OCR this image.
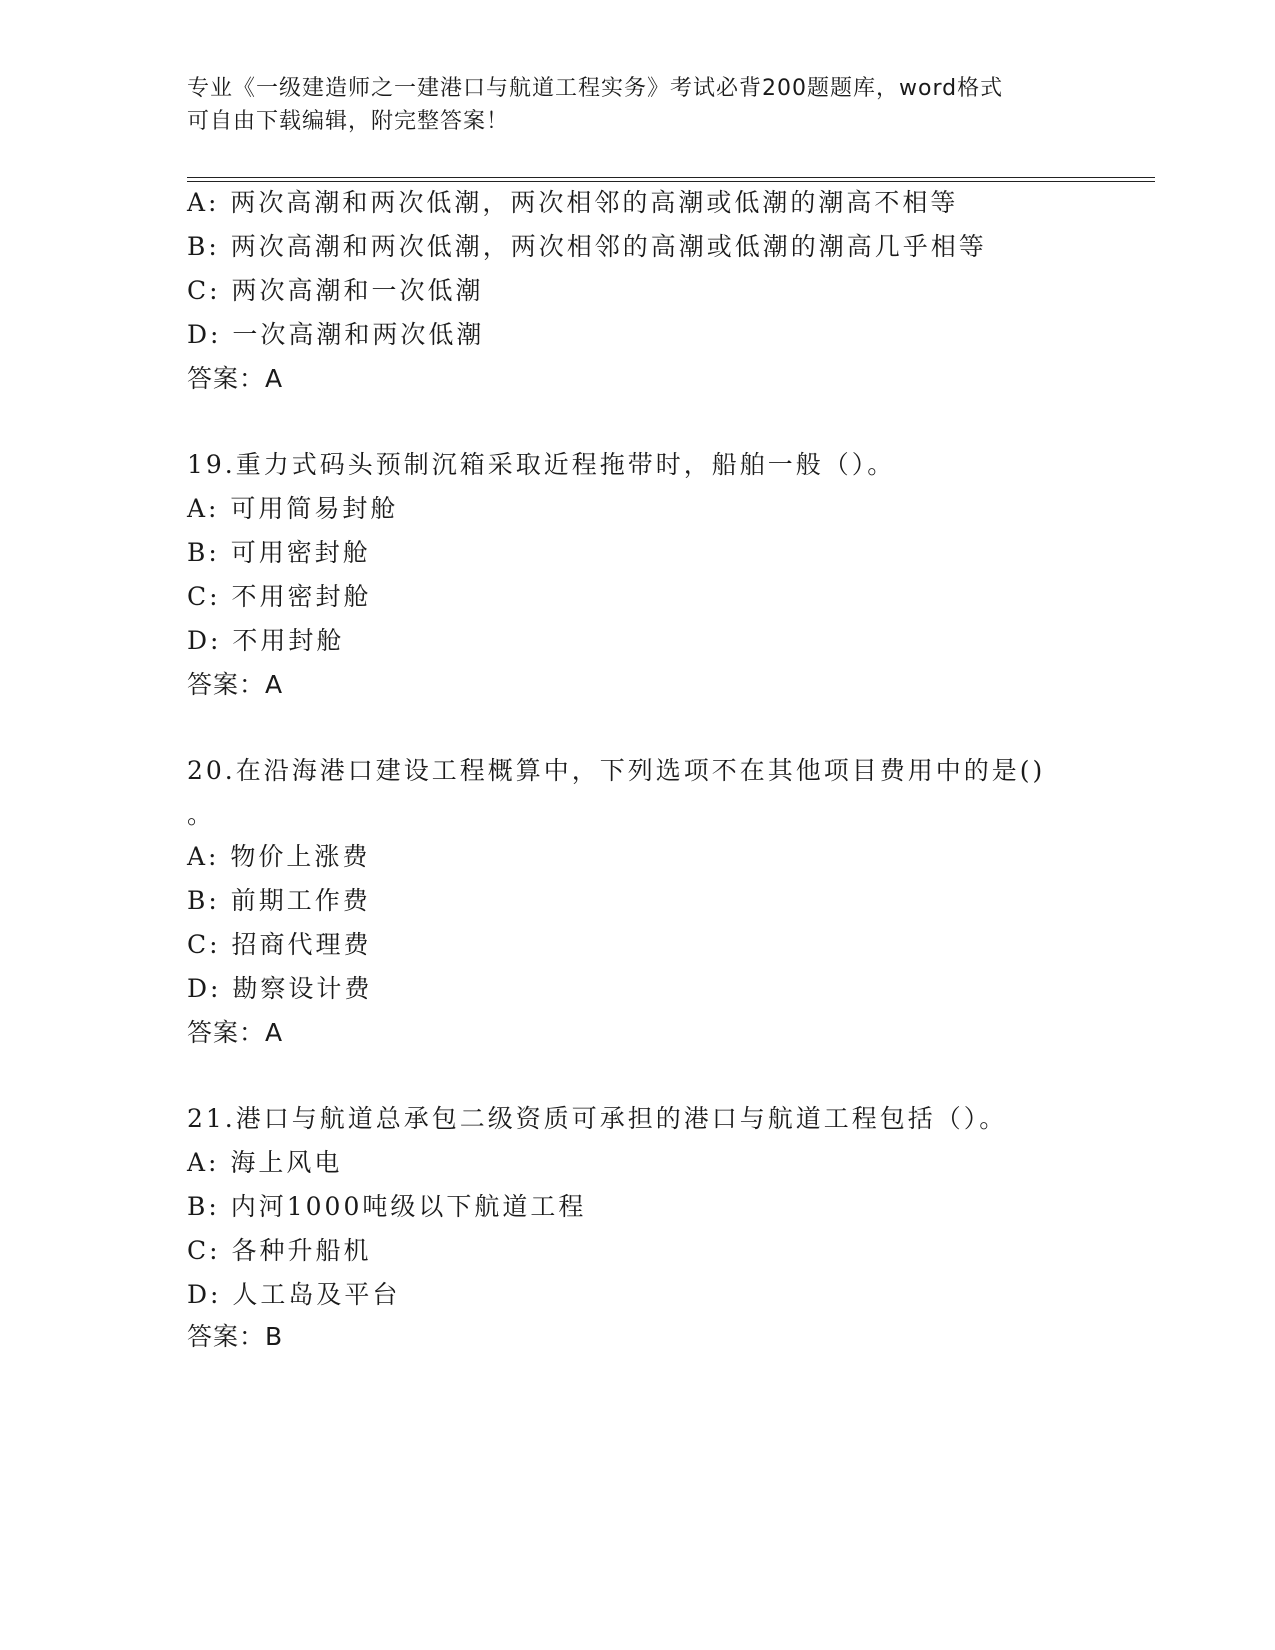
专业《一级建造师之一建港口与航道工程实务》考试必背200题题库，word格式
可自由下载编辑，附完整答案！
A: 两次高潮和两次低潮，两次相邻的高潮或低潮的潮高不相等
B: 两次高潮和两次低潮，两次相邻的高潮或低潮的潮高几乎相等
C: 两次高潮和一次低潮
D: 一次高潮和两次低潮
答案：A
19.重力式码头预制沉箱采取近程拖带时，船舶一般（）。
A: 可用简易封舱
B: 可用密封舱
C: 不用密封舱
D: 不用封舱
答案：A
20.在沿海港口建设工程概算中，下列选项不在其他项目费用中的是()
。
A: 物价上涨费
B: 前期工作费
C: 招商代理费
D: 勘察设计费
答案：A
21.港口与航道总承包二级资质可承担的港口与航道工程包括（）。
A: 海上风电
B: 内河1000吨级以下航道工程
C: 各种升船机
D: 人工岛及平台
答案：B
